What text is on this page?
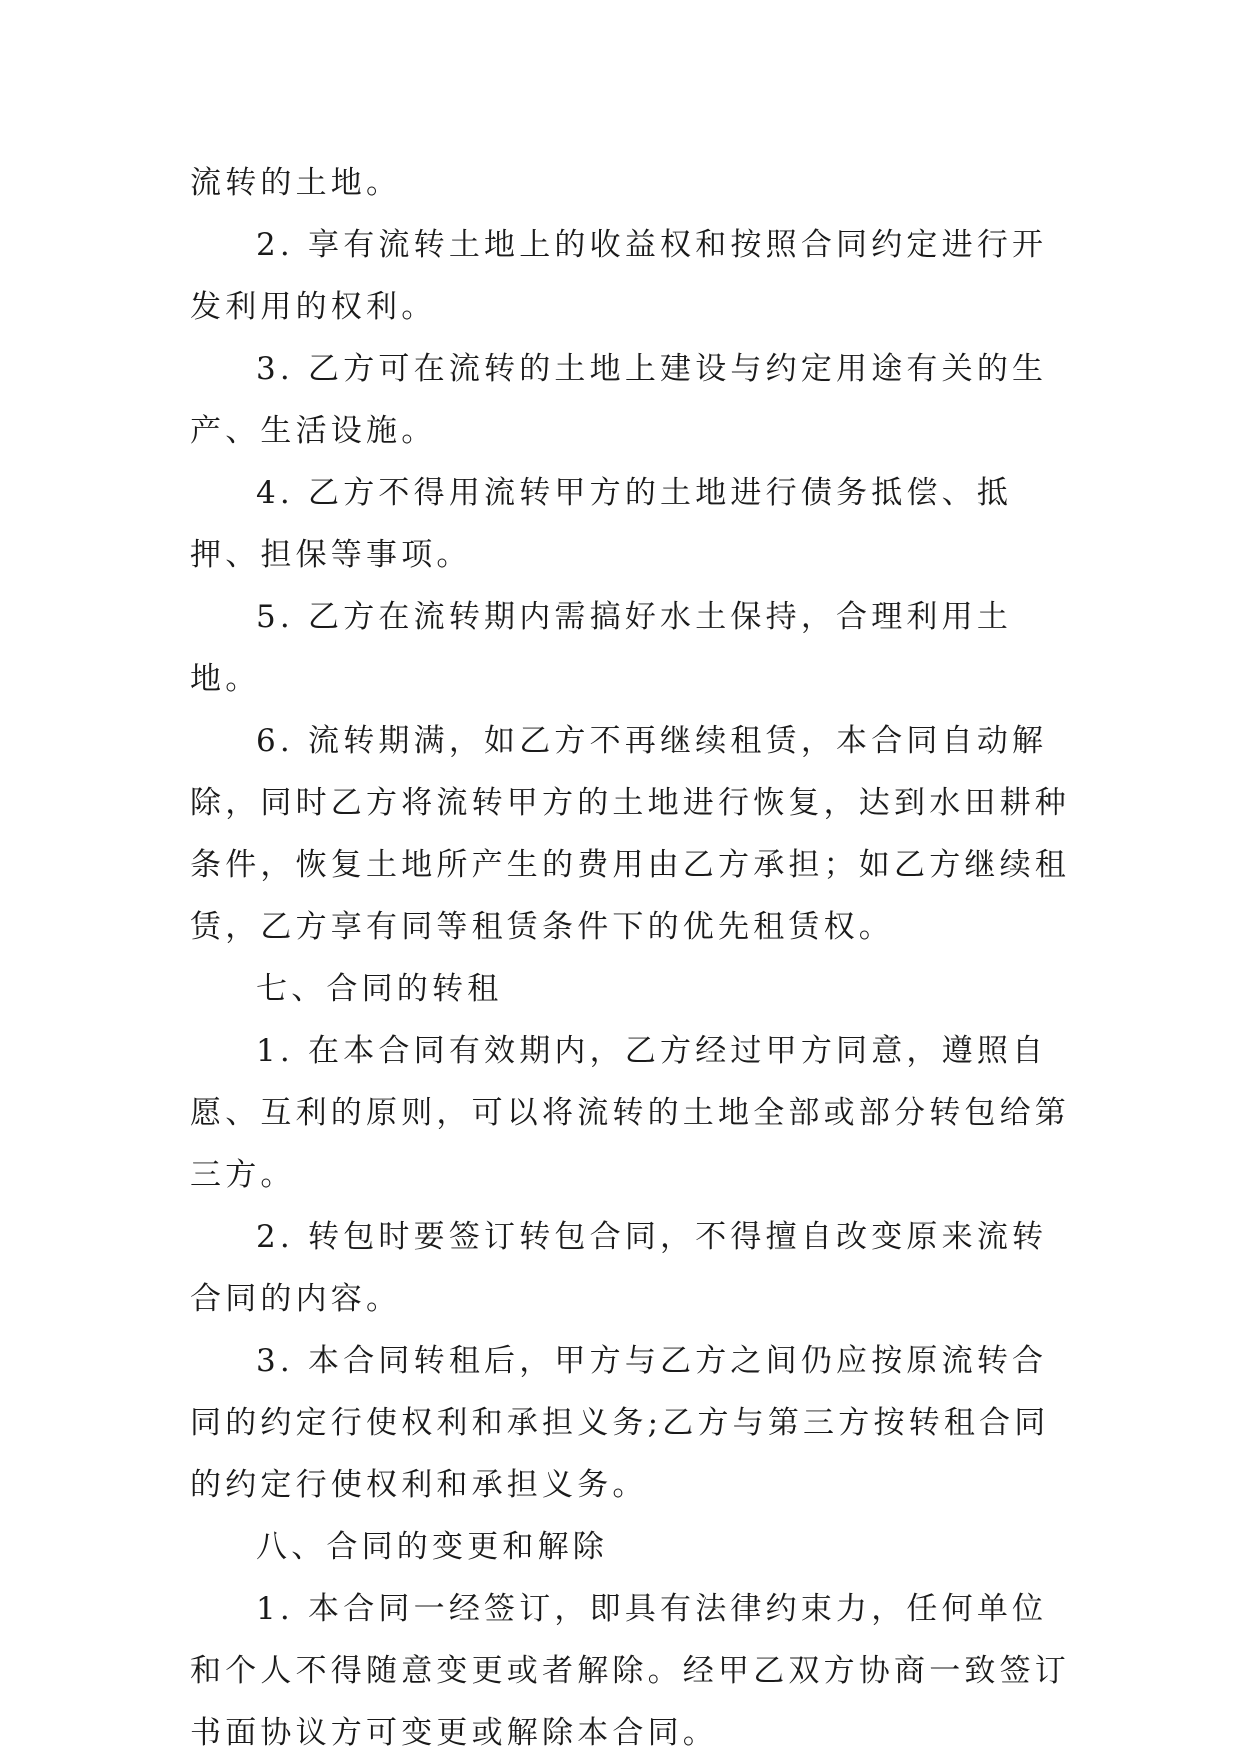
流转的土地。

2. 享有流转土地上的收益权和按照合同约定进行开发利用的权利。

3. 乙方可在流转的土地上建设与约定用途有关的生产、生活设施。

4. 乙方不得用流转甲方的土地进行债务抵偿、抵押、担保等事项。

5. 乙方在流转期内需搞好水土保持，合理利用土地。

6. 流转期满，如乙方不再继续租赁，本合同自动解除，同时乙方将流转甲方的土地进行恢复，达到水田耕种条件，恢复土地所产生的费用由乙方承担；如乙方继续租赁，乙方享有同等租赁条件下的优先租赁权。

七、合同的转租

1. 在本合同有效期内，乙方经过甲方同意，遵照自愿、互利的原则，可以将流转的土地全部或部分转包给第三方。

2. 转包时要签订转包合同，不得擅自改变原来流转合同的内容。

3. 本合同转租后，甲方与乙方之间仍应按原流转合同的约定行使权利和承担义务;乙方与第三方按转租合同的约定行使权利和承担义务。

八、合同的变更和解除

1. 本合同一经签订，即具有法律约束力，任何单位和个人不得随意变更或者解除。经甲乙双方协商一致签订书面协议方可变更或解除本合同。
